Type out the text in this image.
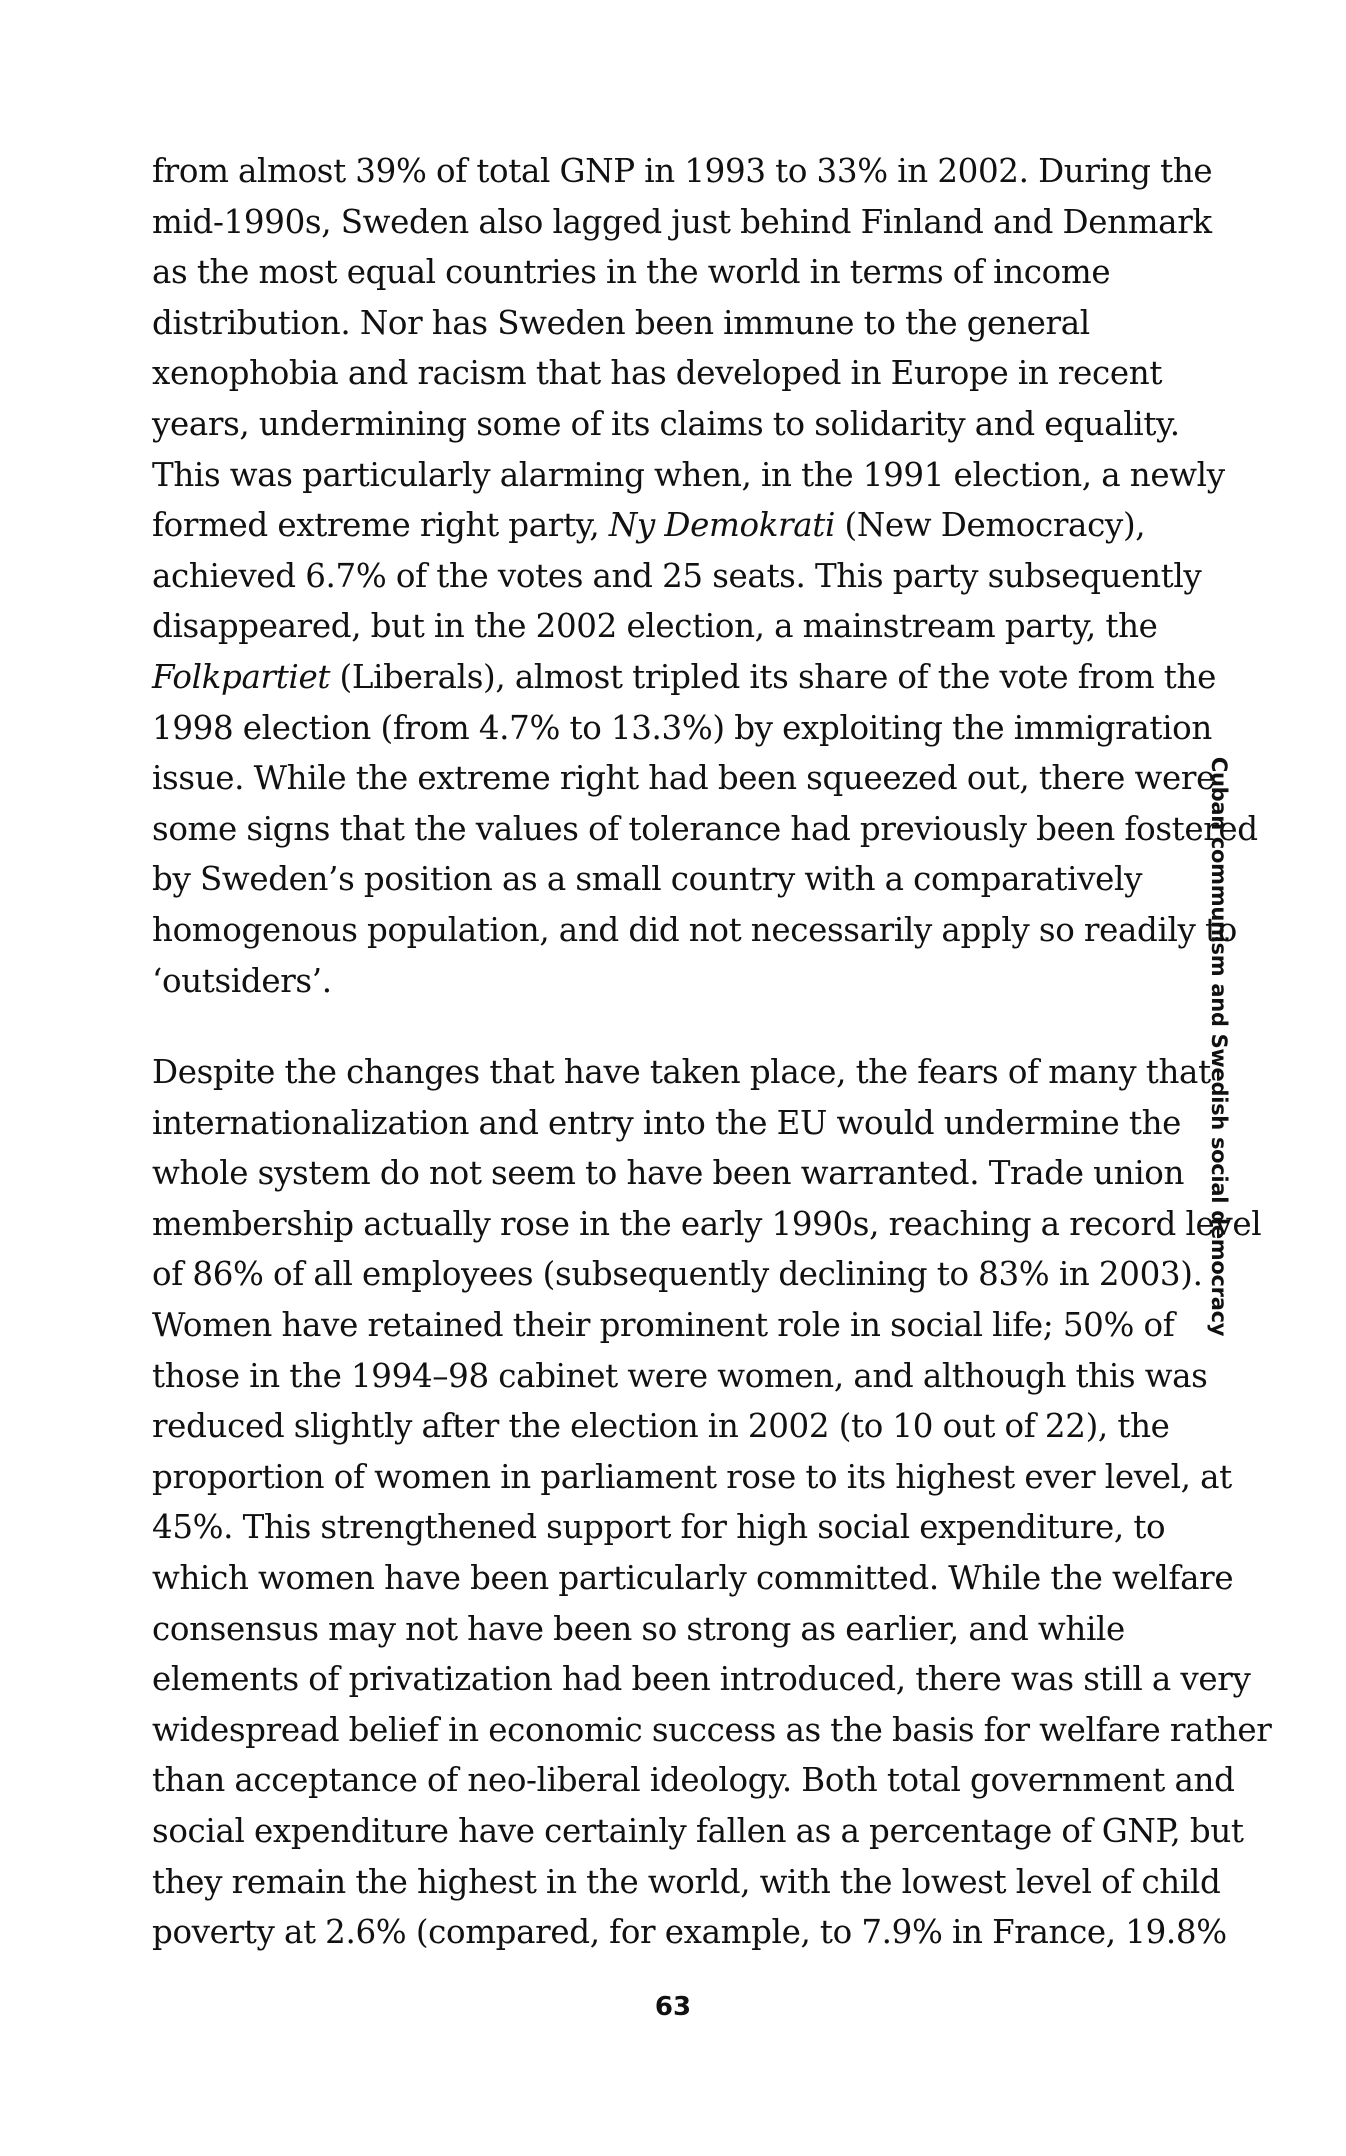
from almost 39% of total GNP in 1993 to 33% in 2002. During the
mid-1990s, Sweden also lagged just behind Finland and Denmark
as the most equal countries in the world in terms of income
distribution. Nor has Sweden been immune to the general
xenophobia and racism that has developed in Europe in recent
years, undermining some of its claims to solidarity and equality.
This was particularly alarming when, in the 1991 election, a newly
formed extreme right party, Ny Demokrati (New Democracy),
achieved 6.7% of the votes and 25 seats. This party subsequently
disappeared, but in the 2002 election, a mainstream party, the
Folkpartiet (Liberals), almost tripled its share of the vote from the
1998 election (from 4.7% to 13.3%) by exploiting the immigration
issue. While the extreme right had been squeezed out, there were
some signs that the values of tolerance had previously been fostered
by Sweden’s position as a small country with a comparatively
homogenous population, and did not necessarily apply so readily to
‘outsiders’.
Despite the changes that have taken place, the fears of many that
internationalization and entry into the EU would undermine the
whole system do not seem to have been warranted. Trade union
membership actually rose in the early 1990s, reaching a record level
of 86% of all employees (subsequently declining to 83% in 2003).
Women have retained their prominent role in social life; 50% of
those in the 1994–98 cabinet were women, and although this was
reduced slightly after the election in 2002 (to 10 out of 22), the
proportion of women in parliament rose to its highest ever level, at
45%. This strengthened support for high social expenditure, to
which women have been particularly committed. While the welfare
consensus may not have been so strong as earlier, and while
elements of privatization had been introduced, there was still a very
widespread belief in economic success as the basis for welfare rather
than acceptance of neo-liberal ideology. Both total government and
social expenditure have certainly fallen as a percentage of GNP, but
they remain the highest in the world, with the lowest level of child
poverty at 2.6% (compared, for example, to 7.9% in France, 19.8%
Cuban communism and Swedish social democracy
63
